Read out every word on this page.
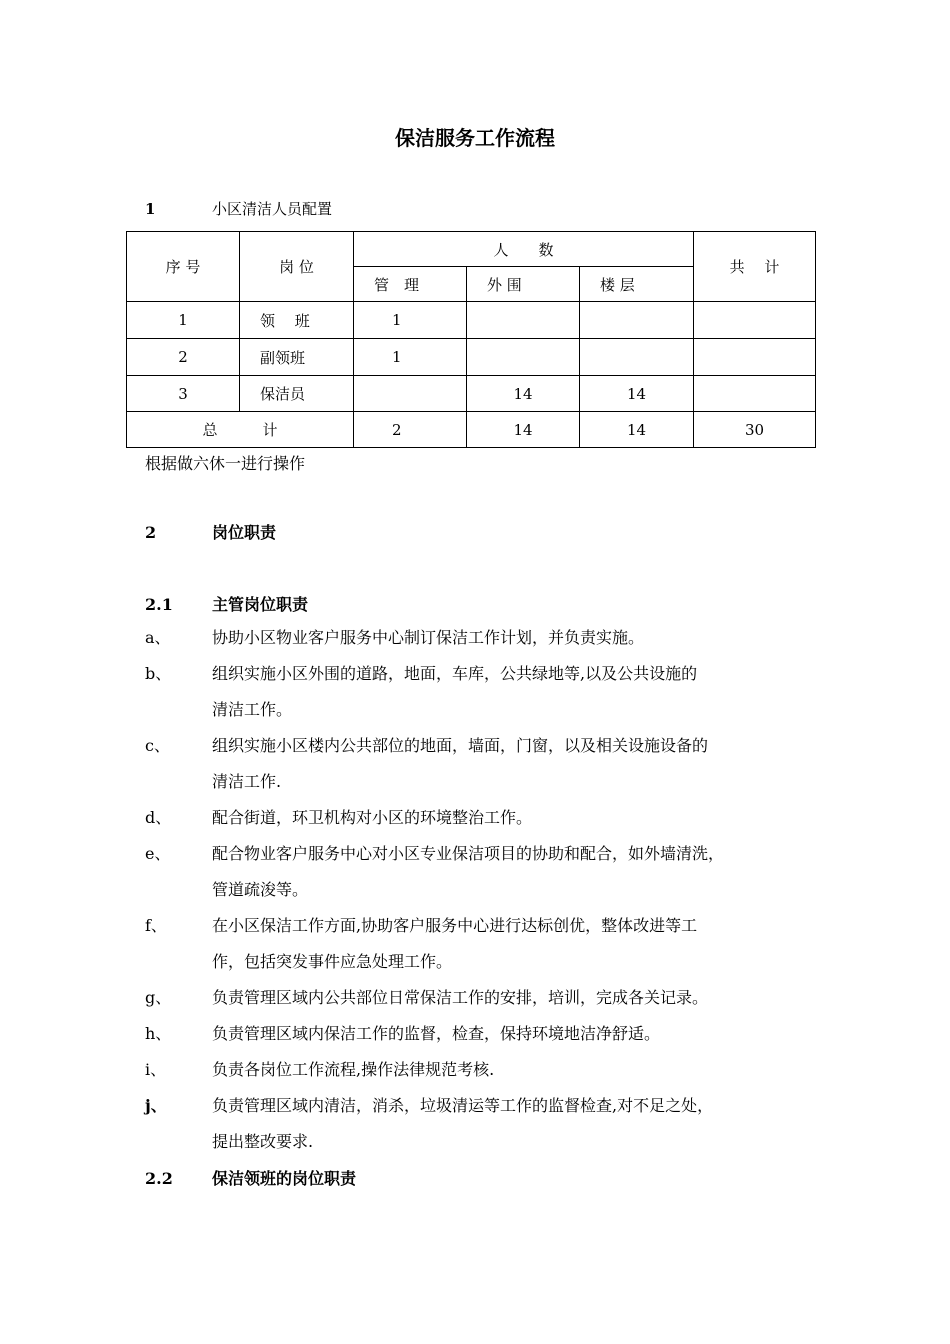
保洁服务工作流程
1	小区清洁人员配置
序 号	岗 位	人　　数			共　 计
		管　理	外 围	楼 层	
1	领　 班	1			
2	副领班	1			
3	保洁员		14	14	
总　　　计		2	14	14	30
根据做六休一进行操作
2	岗位职责
2.1 主管岗位职责
a、	协助小区物业客户服务中心制订保洁工作计划，并负责实施。
b、	组织实施小区外围的道路，地面，车库，公共绿地等,以及公共设施的
清洁工作。
c、	组织实施小区楼内公共部位的地面，墙面，门窗，以及相关设施设备的
清洁工作.
d、	配合街道，环卫机构对小区的环境整治工作。
e、	配合物业客户服务中心对小区专业保洁项目的协助和配合，如外墙清洗，
管道疏浚等。
f、	在小区保洁工作方面,协助客户服务中心进行达标创优，整体改进等工
作，包括突发事件应急处理工作。
g、	负责管理区域内公共部位日常保洁工作的安排，培训，完成各关记录。
h、	负责管理区域内保洁工作的监督，检查，保持环境地洁净舒适。
i、	负责各岗位工作流程,操作法律规范考核.
j、	负责管理区域内清洁，消杀，垃圾清运等工作的监督检查,对不足之处，
提出整改要求.
2.2 保洁领班的岗位职责
